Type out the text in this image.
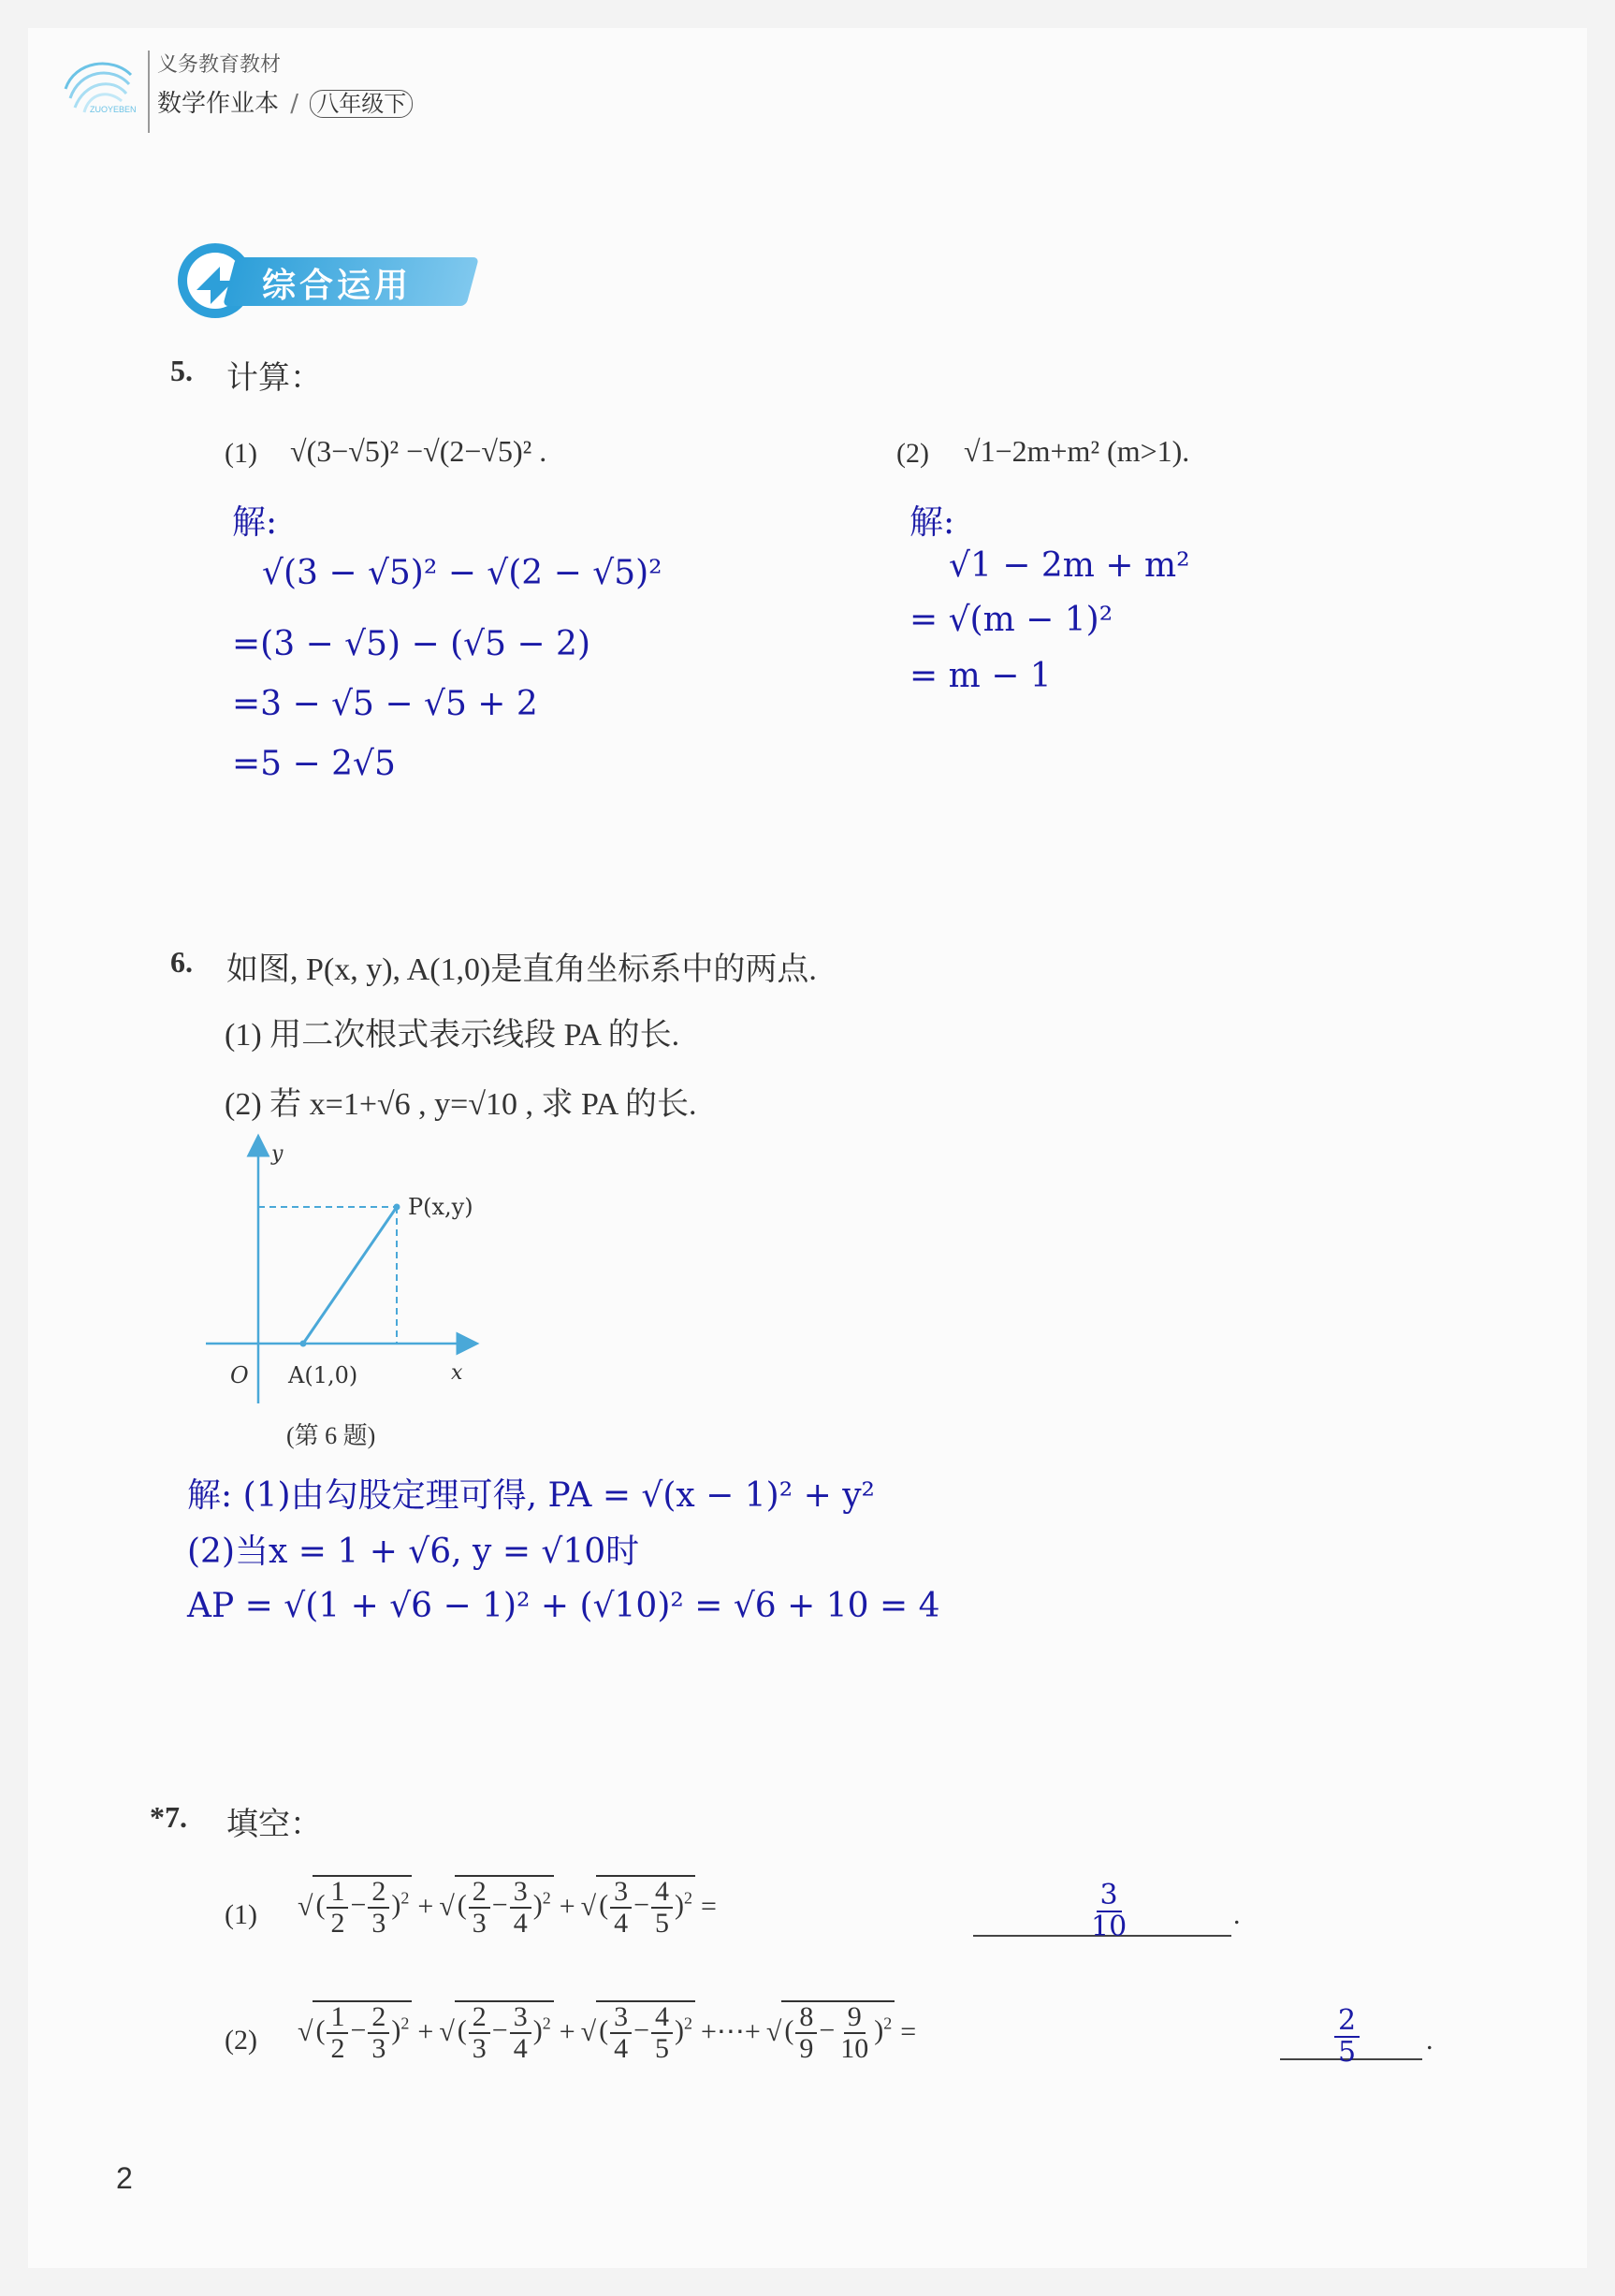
ZUOYEBEN
义务教育教材
数学作业本 / 八年级下
综合运用
5. 计算：
(1) √(3−√5)² −√(2−√5)² .
解:
√(3 − √5)² − √(2 − √5)²
=(3 − √5) − (√5 − 2)
=3 − √5 − √5 + 2
=5 − 2√5
(2) √1−2m+m² (m>1).
解:
√1 − 2m + m²
= √(m − 1)²
= m − 1
6. 如图, P(x, y), A(1,0)是直角坐标系中的两点.
(1) 用二次根式表示线段 PA 的长.
(2) 若 x=1+√6 , y=√10 , 求 PA 的长.
y
x
O
P(x,y)
A(1,0)
(第 6 题)
解: (1)由勾股定理可得, PA = √(x − 1)² + y²
(2)当x = 1 + √6, y = √10时
AP = √(1 + √6 − 1)² + (√10)² = √6 + 10 = 4
*7. 填空：
(1) √ ( $\frac{1}{2} - \frac{2}{3} )^2$ + √ ( $\frac{2}{3} - \frac{3}{4} )^2$ + √ ( $\frac{3}{4} - \frac{4}{5} )^2$ =	$\frac{3}{10}$	.
(2) √ ( $\frac{1}{2} - \frac{2}{3} )^2$ + √ ( $\frac{2}{3} - \frac{3}{4} )^2$ + √ ( $\frac{3}{4} - \frac{4}{5} )^2$ +⋯+ √ ( $\frac{8}{9} - \frac{9}{10} )^2$ =	$\frac{2}{5}$ .
2
